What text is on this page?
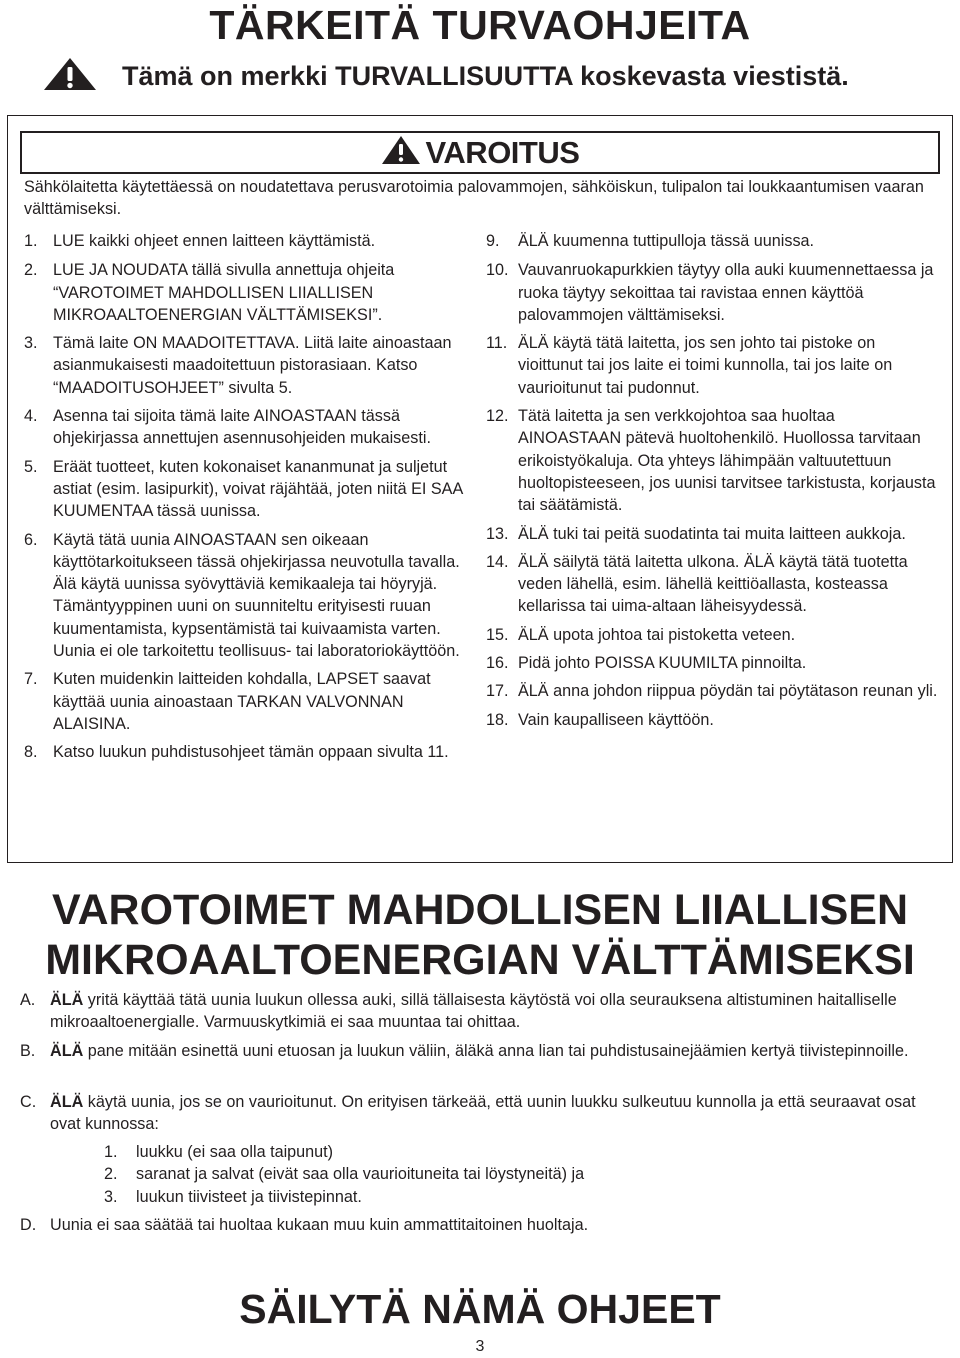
TÄRKEITÄ TURVAOHJEITA
Tämä on merkki TURVALLISUUTTA koskevasta viestistä.
VAROITUS
Sähkölaitetta käytettäessä on noudatettava perusvarotoimia palovammojen, sähköiskun, tulipalon tai loukkaantumisen vaaran välttämiseksi.
1. LUE kaikki ohjeet ennen laitteen käyttämistä.
2. LUE JA NOUDATA tällä sivulla annettuja ohjeita “VAROTOIMET MAHDOLLISEN LIIALLISEN MIKROAALTOENERGIAN VÄLTTÄMISEKSI”.
3. Tämä laite ON MAADOITETTAVA. Liitä laite ainoastaan asianmukaisesti maadoitettuun pistorasiaan. Katso “MAADOITUSOHJEET” sivulta 5.
4. Asenna tai sijoita tämä laite AINOASTAAN tässä ohjekirjassa annettujen asennusohjeiden mukaisesti.
5. Eräät tuotteet, kuten kokonaiset kananmunat ja suljetut astiat (esim. lasipurkit), voivat räjähtää, joten niitä EI SAA KUUMENTAA tässä uunissa.
6. Käytä tätä uunia AINOASTAAN sen oikeaan käyttötarkoitukseen tässä ohjekirjassa neuvotulla tavalla. Älä käytä uunissa syövyttäviä kemikaaleja tai höyryjä. Tämäntyyppinen uuni on suunniteltu erityisesti ruuan kuumentamista, kypsentämistä tai kuivaamista varten. Uunia ei ole tarkoitettu teollisuus- tai laboratoriokäyttöön.
7. Kuten muidenkin laitteiden kohdalla, LAPSET saavat käyttää uunia ainoastaan TARKAN VALVONNAN ALAISINA.
8. Katso luukun puhdistusohjeet tämän oppaan sivulta 11.
9.	ÄLÄ kuumenna tuttipulloja tässä uunissa.
10. Vauvanruokapurkkien täytyy olla auki kuumennettaessa ja ruoka täytyy sekoittaa tai ravistaa ennen käyttöä palovammojen välttämiseksi.
11. ÄLÄ käytä tätä laitetta, jos sen johto tai pistoke on vioittunut tai jos laite ei toimi kunnolla, tai jos laite on vaurioitunut tai pudonnut.
12. Tätä laitetta ja sen verkkojohtoa saa huoltaa AINOASTAAN pätevä huoltohenkilö. Huollossa tarvitaan erikoistyökaluja. Ota yhteys lähimpään valtuutettuun huoltopisteeseen, jos uunisi tarvitsee tarkistusta, korjausta tai säätämistä.
13. ÄLÄ tuki tai peitä suodatinta tai muita laitteen aukkoja.
14. ÄLÄ säilytä tätä laitetta ulkona. ÄLÄ käytä tätä tuotetta veden lähellä, esim. lähellä keittiöallasta, kosteassa kellarissa tai uima-altaan läheisyydessä.
15. ÄLÄ upota johtoa tai pistoketta veteen.
16. Pidä johto POISSA KUUMILTA pinnoilta.
17. ÄLÄ anna johdon riippua pöydän tai pöytätason reunan yli.
18. Vain kaupalliseen käyttöön.
VAROTOIMET MAHDOLLISEN LIIALLISEN
MIKROAALTOENERGIAN VÄLTTÄMISEKSI
A. ÄLÄ yritä käyttää tätä uunia luukun ollessa auki, sillä tällaisesta käytöstä voi olla seurauksena altistuminen haitalliselle mikroaaltoenergialle. Varmuuskytkimiä ei saa muuntaa tai ohittaa.
B. ÄLÄ pane mitään esinettä uuni etuosan ja luukun väliin, äläkä anna lian tai puhdistusainejäämien kertyä tiivistepinnoille.
C. ÄLÄ käytä uunia, jos se on vaurioitunut. On erityisen tärkeää, että uunin luukku sulkeutuu kunnolla ja että seuraavat osat ovat kunnossa:
1.	luukku (ei saa olla taipunut)
2.	saranat ja salvat (eivät saa olla vaurioituneita tai löystyneitä) ja
3.	luukun tiivisteet ja tiivistepinnat.
D. Uunia ei saa säätää tai huoltaa kukaan muu kuin ammattitaitoinen huoltaja.
SÄILYTÄ NÄMÄ OHJEET
3
